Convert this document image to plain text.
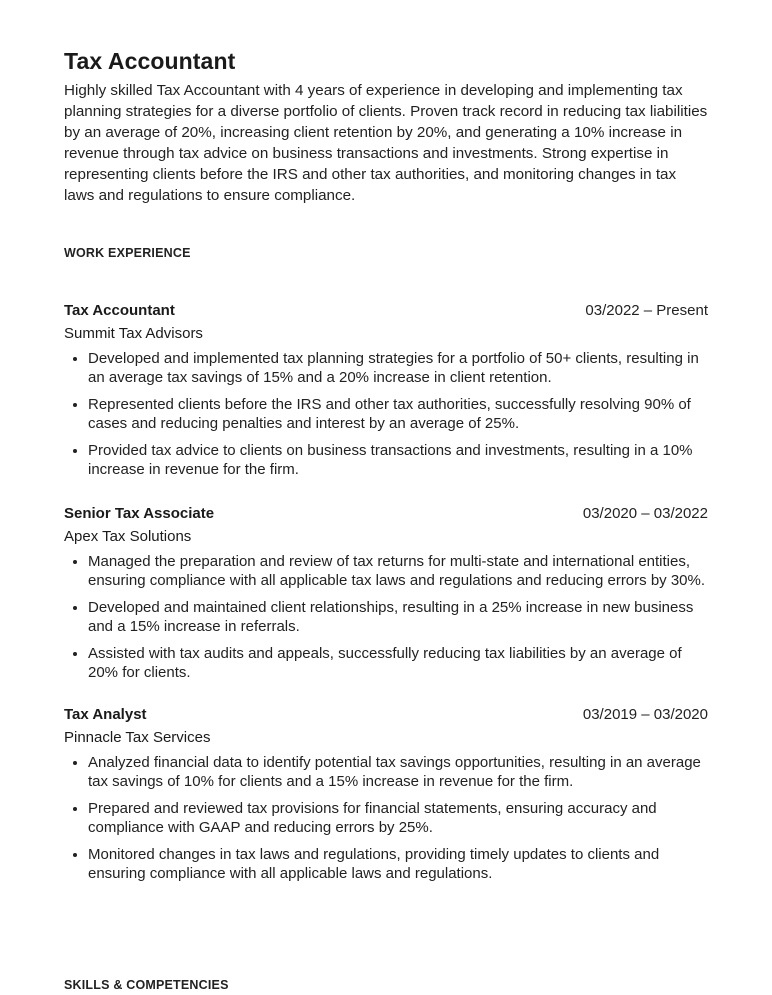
Tax Accountant

Highly skilled Tax Accountant with 4 years of experience in developing and implementing tax planning strategies for a diverse portfolio of clients. Proven track record in reducing tax liabilities by an average of 20%, increasing client retention by 20%, and generating a 10% increase in revenue through tax advice on business transactions and investments. Strong expertise in representing clients before the IRS and other tax authorities, and monitoring changes in tax laws and regulations to ensure compliance.

WORK EXPERIENCE
Tax Accountant	03/2022 – Present
Summit Tax Advisors
• Developed and implemented tax planning strategies for a portfolio of 50+ clients, resulting in an average tax savings of 15% and a 20% increase in client retention.
• Represented clients before the IRS and other tax authorities, successfully resolving 90% of cases and reducing penalties and interest by an average of 25%.
• Provided tax advice to clients on business transactions and investments, resulting in a 10% increase in revenue for the firm.
Senior Tax Associate	03/2020 – 03/2022
Apex Tax Solutions
• Managed the preparation and review of tax returns for multi-state and international entities, ensuring compliance with all applicable tax laws and regulations and reducing errors by 30%.
• Developed and maintained client relationships, resulting in a 25% increase in new business and a 15% increase in referrals.
• Assisted with tax audits and appeals, successfully reducing tax liabilities by an average of 20% for clients.
Tax Analyst	03/2019 – 03/2020
Pinnacle Tax Services
• Analyzed financial data to identify potential tax savings opportunities, resulting in an average tax savings of 10% for clients and a 15% increase in revenue for the firm.
• Prepared and reviewed tax provisions for financial statements, ensuring accuracy and compliance with GAAP and reducing errors by 25%.
• Monitored changes in tax laws and regulations, providing timely updates to clients and ensuring compliance with all applicable laws and regulations.
SKILLS & COMPETENCIES
